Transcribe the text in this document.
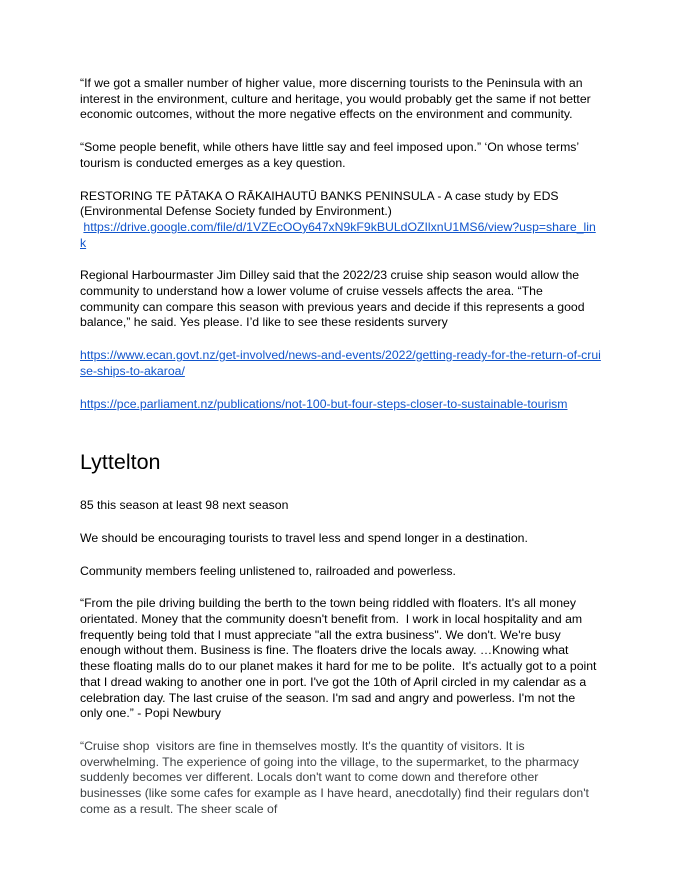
“If we got a smaller number of higher value, more discerning tourists to the Peninsula with an interest in the environment, culture and heritage, you would probably get the same if not better economic outcomes, without the more negative effects on the environment and community.

“Some people benefit, while others have little say and feel imposed upon.” ‘On whose terms’ tourism is conducted emerges as a key question.

RESTORING TE PĀTAKA O RĀKAIHAUTŪ BANKS PENINSULA - A case study by EDS (Environmental Defense Society funded by Environment.)
https://drive.google.com/file/d/1VZEcOOy647xN9kF9kBULdOZIlxnU1MS6/view?usp=share_link

Regional Harbourmaster Jim Dilley said that the 2022/23 cruise ship season would allow the community to understand how a lower volume of cruise vessels affects the area. “The community can compare this season with previous years and decide if this represents a good balance,” he said. Yes please. I’d like to see these residents survery

https://www.ecan.govt.nz/get-involved/news-and-events/2022/getting-ready-for-the-return-of-cruise-ships-to-akaroa/

https://pce.parliament.nz/publications/not-100-but-four-steps-closer-to-sustainable-tourism

Lyttelton

85 this season at least 98 next season

We should be encouraging tourists to travel less and spend longer in a destination.

Community members feeling unlistened to, railroaded and powerless.

“From the pile driving building the berth to the town being riddled with floaters. It's all money orientated. Money that the community doesn't benefit from.  I work in local hospitality and am frequently being told that I must appreciate "all the extra business". We don't. We're busy enough without them. Business is fine. The floaters drive the locals away. …Knowing what these floating malls do to our planet makes it hard for me to be polite.  It's actually got to a point that I dread waking to another one in port. I've got the 10th of April circled in my calendar as a celebration day. The last cruise of the season. I'm sad and angry and powerless. I'm not the only one.” - Popi Newbury

“Cruise shop  visitors are fine in themselves mostly. It's the quantity of visitors. It is overwhelming. The experience of going into the village, to the supermarket, to the pharmacy suddenly becomes ver different. Locals don't want to come down and therefore other businesses (like some cafes for example as I have heard, anecdotally) find their regulars don't come as a result. The sheer scale of
